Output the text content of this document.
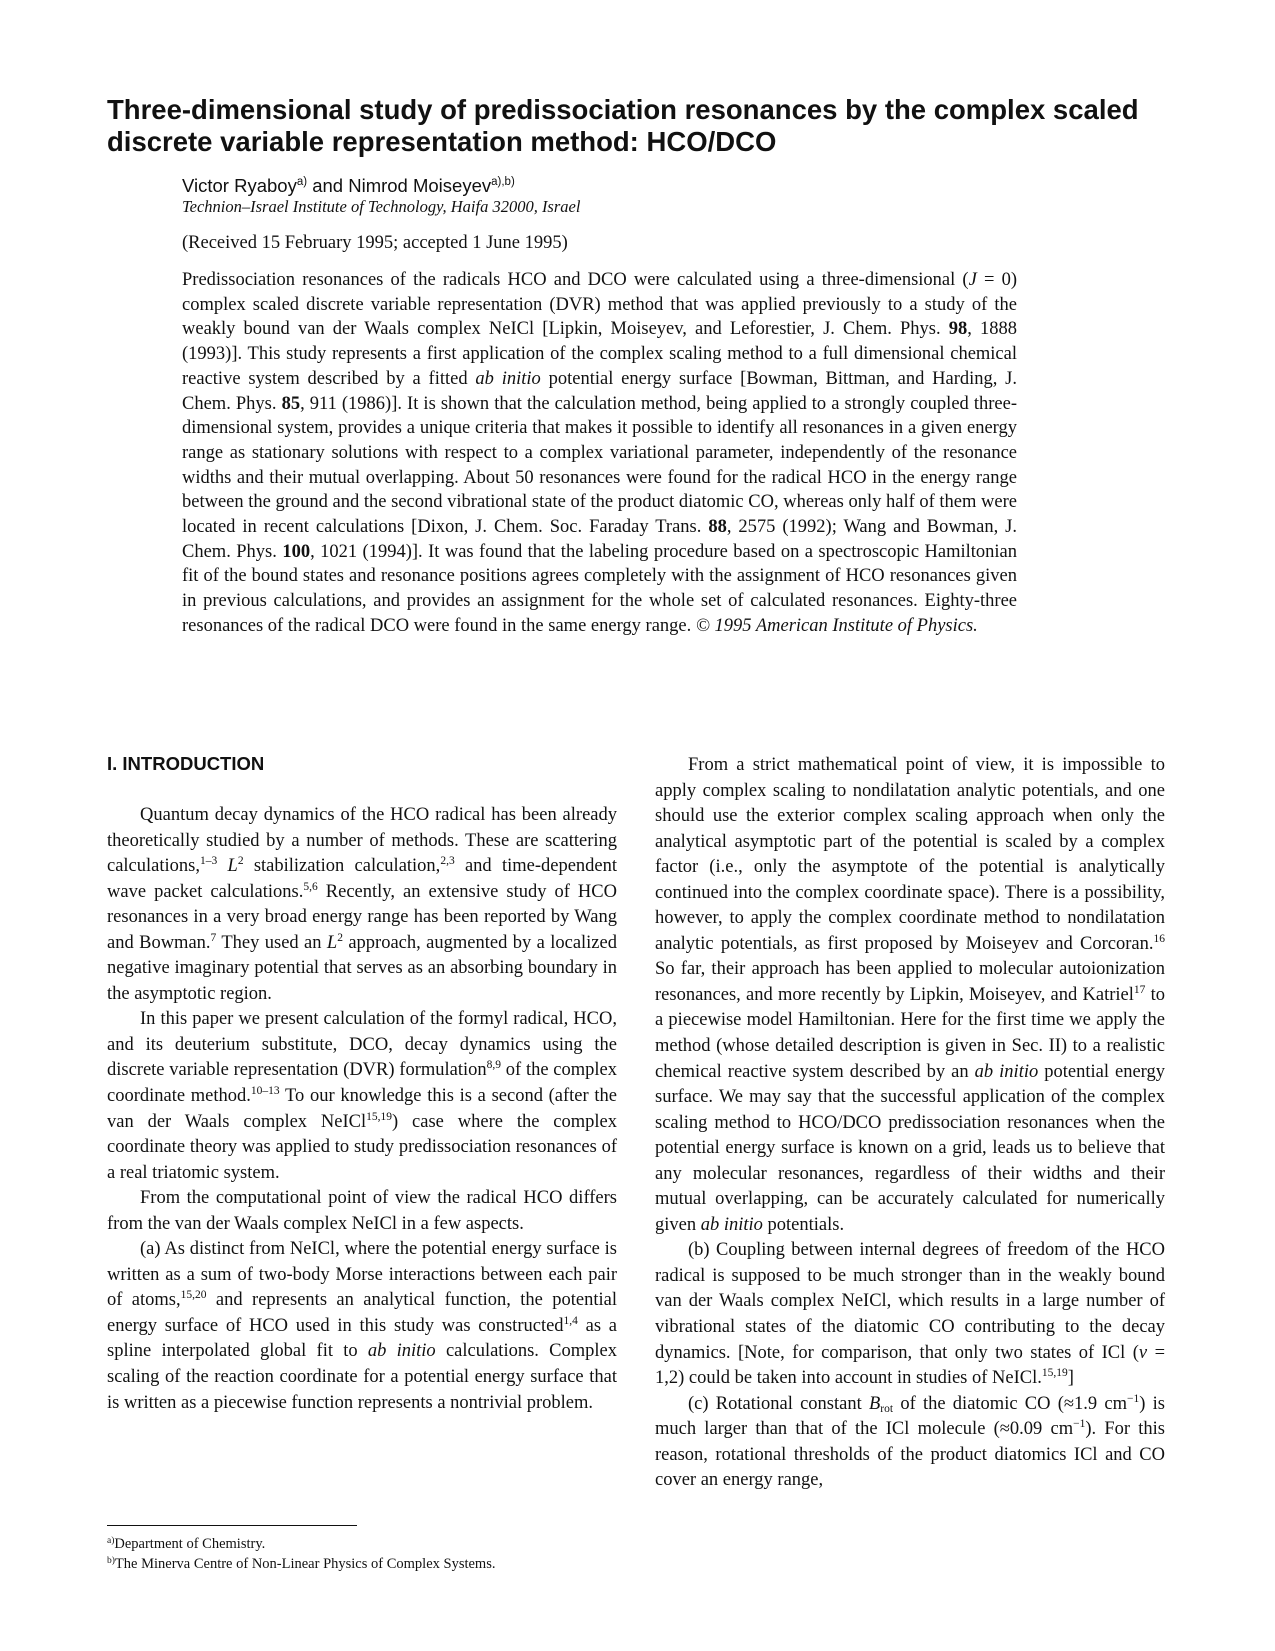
Three-dimensional study of predissociation resonances by the complex scaled discrete variable representation method: HCO/DCO
Victor Ryaboy$^{a)}$ and Nimrod Moiseyev$^{a),b)}$
Technion–Israel Institute of Technology, Haifa 32000, Israel
(Received 15 February 1995; accepted 1 June 1995)

Predissociation resonances of the radicals HCO and DCO were calculated using a three-dimensional (J = 0) complex scaled discrete variable representation (DVR) method that was applied previously to a study of the weakly bound van der Waals complex NeICl [Lipkin, Moiseyev, and Leforestier, J. Chem. Phys. 98, 1888 (1993)]. This study represents a first application of the complex scaling method to a full dimensional chemical reactive system described by a fitted ab initio potential energy surface [Bowman, Bittman, and Harding, J. Chem. Phys. 85, 911 (1986)]. It is shown that the calculation method, being applied to a strongly coupled three-dimensional system, provides a unique criteria that makes it possible to identify all resonances in a given energy range as stationary solutions with respect to a complex variational parameter, independently of the resonance widths and their mutual overlapping. About 50 resonances were found for the radical HCO in the energy range between the ground and the second vibrational state of the product diatomic CO, whereas only half of them were located in recent calculations [Dixon, J. Chem. Soc. Faraday Trans. 88, 2575 (1992); Wang and Bowman, J. Chem. Phys. 100, 1021 (1994)]. It was found that the labeling procedure based on a spectroscopic Hamiltonian fit of the bound states and resonance positions agrees completely with the assignment of HCO resonances given in previous calculations, and provides an assignment for the whole set of calculated resonances. Eighty-three resonances of the radical DCO were found in the same energy range. © 1995 American Institute of Physics.

I. INTRODUCTION

Quantum decay dynamics of the HCO radical has been already theoretically studied by a number of methods. These are scattering calculations,$^{1-3}$ $L^2$ stabilization calculation,$^{2,3}$ and time-dependent wave packet calculations.$^{5,6}$ Recently, an extensive study of HCO resonances in a very broad energy range has been reported by Wang and Bowman.$^7$ They used an $L^2$ approach, augmented by a localized negative imaginary potential that serves as an absorbing boundary in the asymptotic region.

In this paper we present calculation of the formyl radical, HCO, and its deuterium substitute, DCO, decay dynamics using the discrete variable representation (DVR) formulation$^{8,9}$ of the complex coordinate method.$^{10-13}$ To our knowledge this is a second (after the van der Waals complex NeICl$^{15,19}$) case where the complex coordinate theory was applied to study predissociation resonances of a real triatomic system.

From the computational point of view the radical HCO differs from the van der Waals complex NeICl in a few aspects.

(a) As distinct from NeICl, where the potential energy surface is written as a sum of two-body Morse interactions between each pair of atoms,$^{15,20}$ and represents an analytical function, the potential energy surface of HCO used in this study was constructed$^{1,4}$ as a spline interpolated global fit to ab initio calculations. Complex scaling of the reaction coordinate for a potential energy surface that is written as a piecewise function represents a nontrivial problem.

From a strict mathematical point of view, it is impossible to apply complex scaling to nondilatation analytic potentials, and one should use the exterior complex scaling approach when only the analytical asymptotic part of the potential is scaled by a complex factor (i.e., only the asymptote of the potential is analytically continued into the complex coordinate space). There is a possibility, however, to apply the complex coordinate method to nondilatation analytic potentials, as first proposed by Moiseyev and Corcoran.$^{16}$ So far, their approach has been applied to molecular autoionization resonances, and more recently by Lipkin, Moiseyev, and Katriel$^{17}$ to a piecewise model Hamiltonian. Here for the first time we apply the method (whose detailed description is given in Sec. II) to a realistic chemical reactive system described by an ab initio potential energy surface. We may say that the successful application of the complex scaling method to HCO/DCO predissociation resonances when the potential energy surface is known on a grid, leads us to believe that any molecular resonances, regardless of their widths and their mutual overlapping, can be accurately calculated for numerically given ab initio potentials.

(b) Coupling between internal degrees of freedom of the HCO radical is supposed to be much stronger than in the weakly bound van der Waals complex NeICl, which results in a large number of vibrational states of the diatomic CO contributing to the decay dynamics. [Note, for comparison, that only two states of ICl (v = 1,2) could be taken into account in studies of NeICl.$^{15,19}$]

(c) Rotational constant $B_{rot}$ of the diatomic CO (≈1.9 $cm^{-1}$) is much larger than that of the ICl molecule (≈0.09 $cm^{-1}$). For this reason, rotational thresholds of the product diatomics ICl and CO cover an energy range,

$^{a)}$Department of Chemistry.
$^{b)}$The Minerva Centre of Non-Linear Physics of Complex Systems.
